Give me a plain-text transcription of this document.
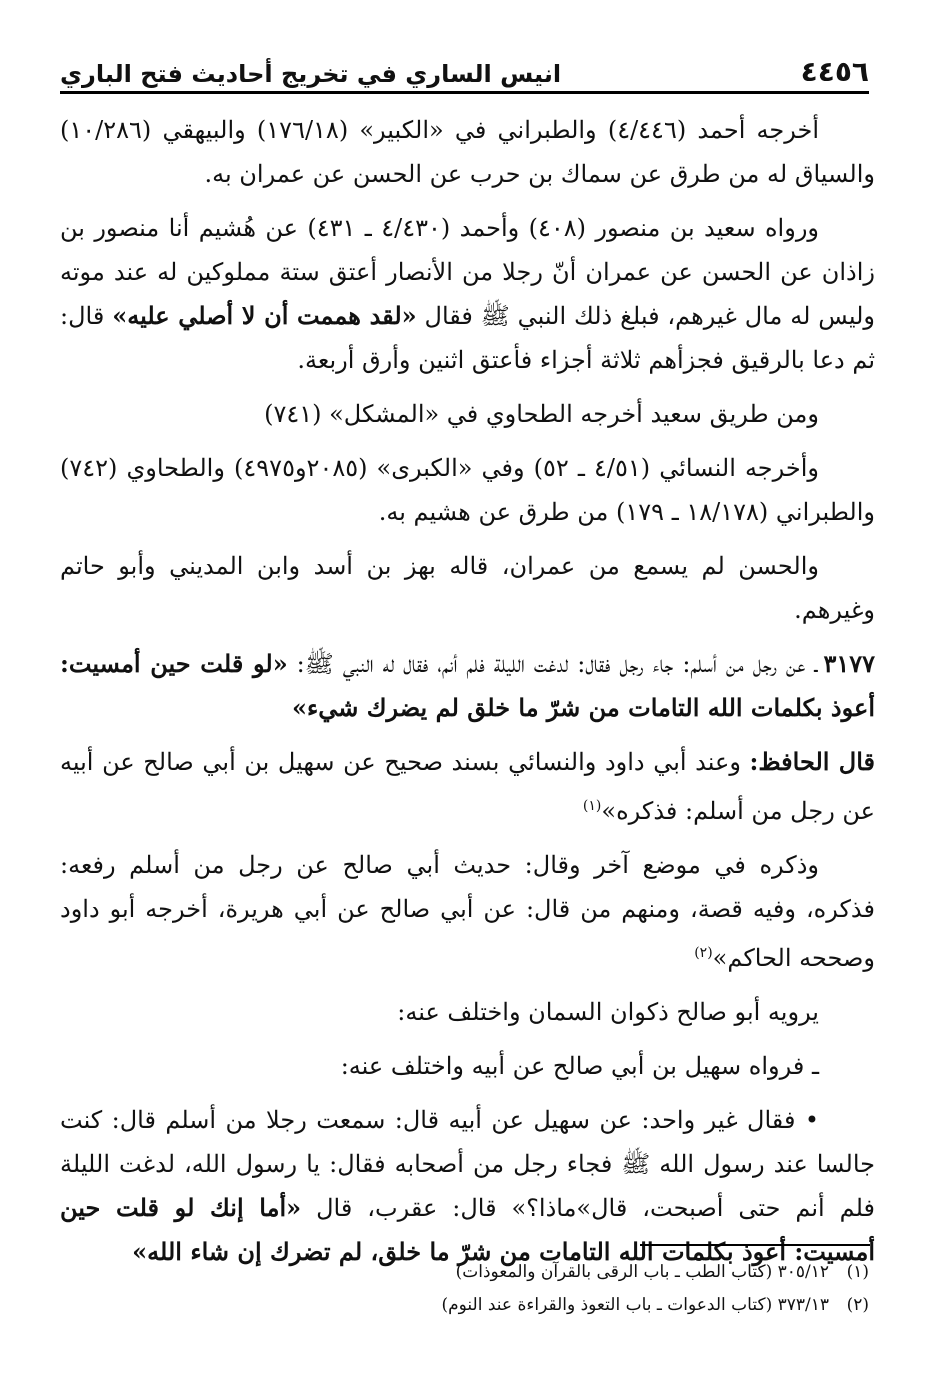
٤٤٥٦
انيس الساري في تخريج أحاديث فتح الباري

أخرجه أحمد (٤/٤٤٦) والطبراني في «الكبير» (١٧٦/١٨) والبيهقي (١٠/٢٨٦) والسياق له من طرق عن سماك بن حرب عن الحسن عن عمران به.

ورواه سعيد بن منصور (٤٠٨) وأحمد (٤/٤٣٠ ـ ٤٣١) عن هُشيم أنا منصور بن زاذان عن الحسن عن عمران أنّ رجلا من الأنصار أعتق ستة مملوكين له عند موته وليس له مال غيرهم، فبلغ ذلك النبي ﷺ فقال «لقد هممت أن لا أصلي عليه» قال: ثم دعا بالرقيق فجزأهم ثلاثة أجزاء فأعتق اثنين وأرق أربعة.

ومن طريق سعيد أخرجه الطحاوي في «المشكل» (٧٤١)

وأخرجه النسائي (٤/٥١ ـ ٥٢) وفي «الكبرى» (٢٠٨٥و٤٩٧٥) والطحاوي (٧٤٢) والطبراني (١٨/١٧٨ ـ ١٧٩) من طرق عن هشيم به.

والحسن لم يسمع من عمران، قاله بهز بن أسد وابن المديني وأبو حاتم وغيرهم.

٣١٧٧ـ عن رجل من أسلم: جاء رجل فقال: لدغت الليلة فلم أنم، فقال له النبي ﷺ: «لو قلت حين أمسيت: أعوذ بكلمات الله التامات من شرّ ما خلق لم يضرك شيء»

قال الحافظ: وعند أبي داود والنسائي بسند صحيح عن سهيل بن أبي صالح عن أبيه عن رجل من أسلم: فذكره»$^{(١)}$

وذكره في موضع آخر وقال: حديث أبي صالح عن رجل من أسلم رفعه: فذكره، وفيه قصة، ومنهم من قال: عن أبي صالح عن أبي هريرة، أخرجه أبو داود وصححه الحاكم»$^{(٢)}$

يرويه أبو صالح ذكوان السمان واختلف عنه:

ـ فرواه سهيل بن أبي صالح عن أبيه واختلف عنه:

• فقال غير واحد: عن سهيل عن أبيه قال: سمعت رجلا من أسلم قال: كنت جالسا عند رسول الله ﷺ فجاء رجل من أصحابه فقال: يا رسول الله، لدغت الليلة فلم أنم حتى أصبحت، قال»ماذا؟» قال: عقرب، قال «أما إنك لو قلت حين أمسيت: أعوذ بكلمات الله التامات من شرّ ما خلق، لم تضرك إن شاء الله»

(١)٣٠٥/١٢ (كتاب الطب ـ باب الرقى بالقرآن والمعوذات)
(٢)٣٧٣/١٣ (كتاب الدعوات ـ باب التعوذ والقراءة عند النوم)
